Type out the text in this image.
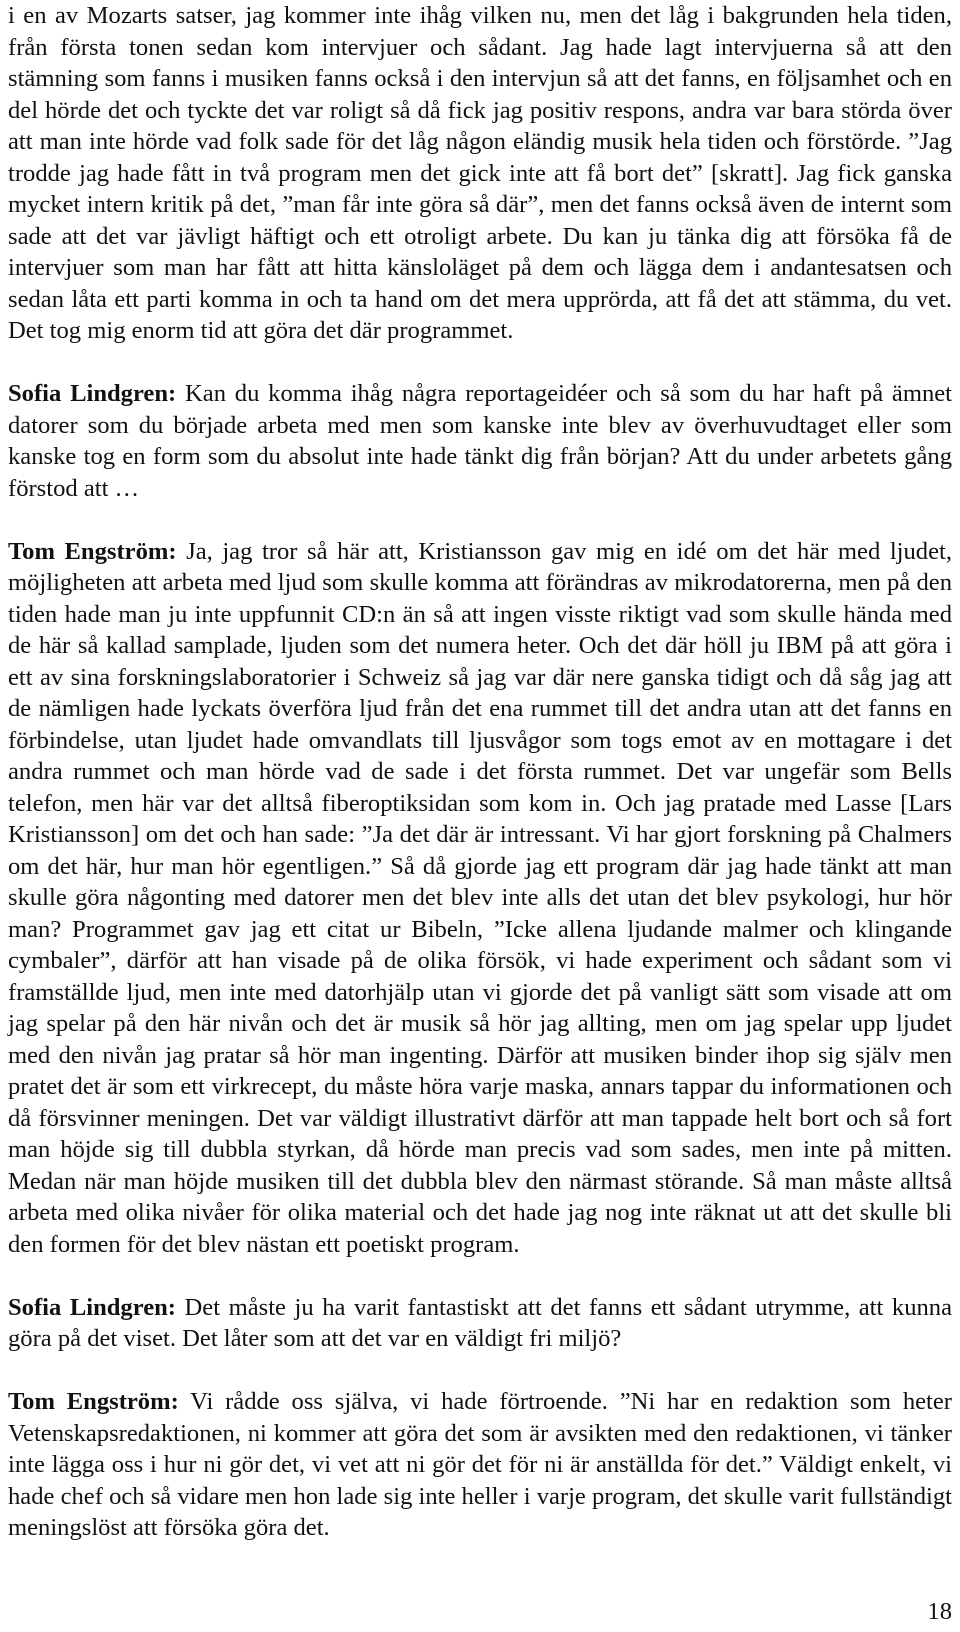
i en av Mozarts satser, jag kommer inte ihåg vilken nu, men det låg i bakgrunden hela tiden, från första tonen sedan kom intervjuer och sådant. Jag hade lagt intervjuerna så att den stämning som fanns i musiken fanns också i den intervjun så att det fanns, en följsamhet och en del hörde det och tyckte det var roligt så då fick jag positiv respons, andra var bara störda över att man inte hörde vad folk sade för det låg någon eländig musik hela tiden och förstörde. ”Jag trodde jag hade fått in två program men det gick inte att få bort det” [skratt]. Jag fick ganska mycket intern kritik på det, ”man får inte göra så där”, men det fanns också även de internt som sade att det var jävligt häftigt och ett otroligt arbete. Du kan ju tänka dig att försöka få de intervjuer som man har fått att hitta känsloläget på dem och lägga dem i andantesatsen och sedan låta ett parti komma in och ta hand om det mera upprörda, att få det att stämma, du vet. Det tog mig enorm tid att göra det där programmet.

Sofia Lindgren: Kan du komma ihåg några reportageidéer och så som du har haft på ämnet datorer som du började arbeta med men som kanske inte blev av överhuvudtaget eller som kanske tog en form som du absolut inte hade tänkt dig från början? Att du under arbetets gång förstod att …

Tom Engström: Ja, jag tror så här att, Kristiansson gav mig en idé om det här med ljudet, möjligheten att arbeta med ljud som skulle komma att förändras av mikrodatorerna, men på den tiden hade man ju inte uppfunnit CD:n än så att ingen visste riktigt vad som skulle hända med de här så kallad samplade, ljuden som det numera heter. Och det där höll ju IBM på att göra i ett av sina forskningslaboratorier i Schweiz så jag var där nere ganska tidigt och då såg jag att de nämligen hade lyckats överföra ljud från det ena rummet till det andra utan att det fanns en förbindelse, utan ljudet hade omvandlats till ljusvågor som togs emot av en mottagare i det andra rummet och man hörde vad de sade i det första rummet. Det var ungefär som Bells telefon, men här var det alltså fiberoptiksidan som kom in. Och jag pratade med Lasse [Lars Kristiansson] om det och han sade: ”Ja det där är intressant. Vi har gjort forskning på Chalmers om det här, hur man hör egentligen.” Så då gjorde jag ett program där jag hade tänkt att man skulle göra någonting med datorer men det blev inte alls det utan det blev psykologi, hur hör man? Programmet gav jag ett citat ur Bibeln, ”Icke allena ljudande malmer och klingande cymbaler”, därför att han visade på de olika försök, vi hade experiment och sådant som vi framställde ljud, men inte med datorhjälp utan vi gjorde det på vanligt sätt som visade att om jag spelar på den här nivån och det är musik så hör jag allting, men om jag spelar upp ljudet med den nivån jag pratar så hör man ingenting. Därför att musiken binder ihop sig själv men pratet det är som ett virkrecept, du måste höra varje maska, annars tappar du informationen och då försvinner meningen. Det var väldigt illustrativt därför att man tappade helt bort och så fort man höjde sig till dubbla styrkan, då hörde man precis vad som sades, men inte på mitten. Medan när man höjde musiken till det dubbla blev den närmast störande. Så man måste alltså arbeta med olika nivåer för olika material och det hade jag nog inte räknat ut att det skulle bli den formen för det blev nästan ett poetiskt program.

Sofia Lindgren: Det måste ju ha varit fantastiskt att det fanns ett sådant utrymme, att kunna göra på det viset. Det låter som att det var en väldigt fri miljö?

Tom Engström: Vi rådde oss själva, vi hade förtroende. ”Ni har en redaktion som heter Vetenskapsredaktionen, ni kommer att göra det som är avsikten med den redaktionen, vi tänker inte lägga oss i hur ni gör det, vi vet att ni gör det för ni är anställda för det.” Väldigt enkelt, vi hade chef och så vidare men hon lade sig inte heller i varje program, det skulle varit fullständigt meningslöst att försöka göra det.

18
